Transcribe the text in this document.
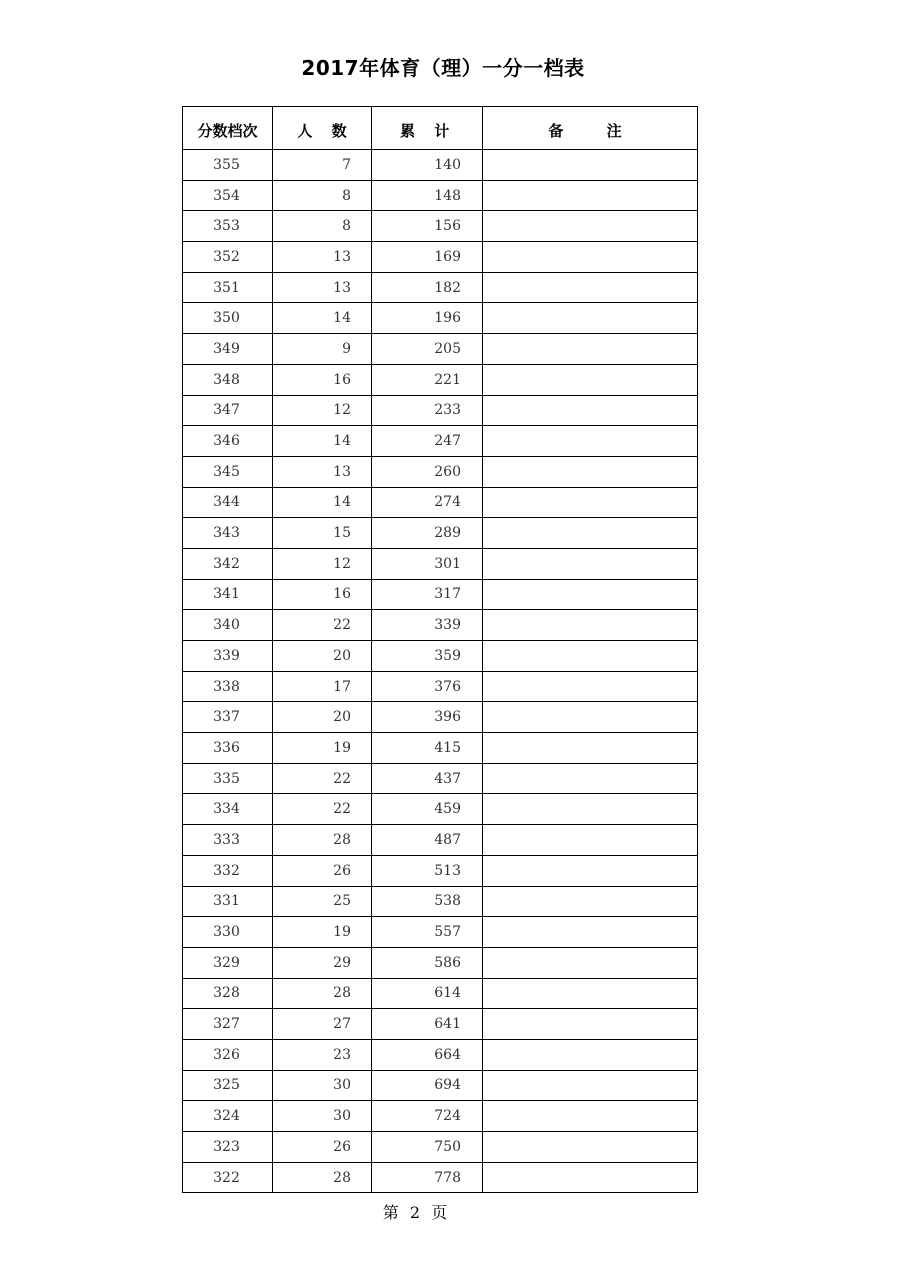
2017年体育（理）一分一档表
分数档次	人 数	累 计	备 注
355	7	140	
354	8	148	
353	8	156	
352	13	169	
351	13	182	
350	14	196	
349	9	205	
348	16	221	
347	12	233	
346	14	247	
345	13	260	
344	14	274	
343	15	289	
342	12	301	
341	16	317	
340	22	339	
339	20	359	
338	17	376	
337	20	396	
336	19	415	
335	22	437	
334	22	459	
333	28	487	
332	26	513	
331	25	538	
330	19	557	
329	29	586	
328	28	614	
327	27	641	
326	23	664	
325	30	694	
324	30	724	
323	26	750	
322	28	778	
第 2 页
